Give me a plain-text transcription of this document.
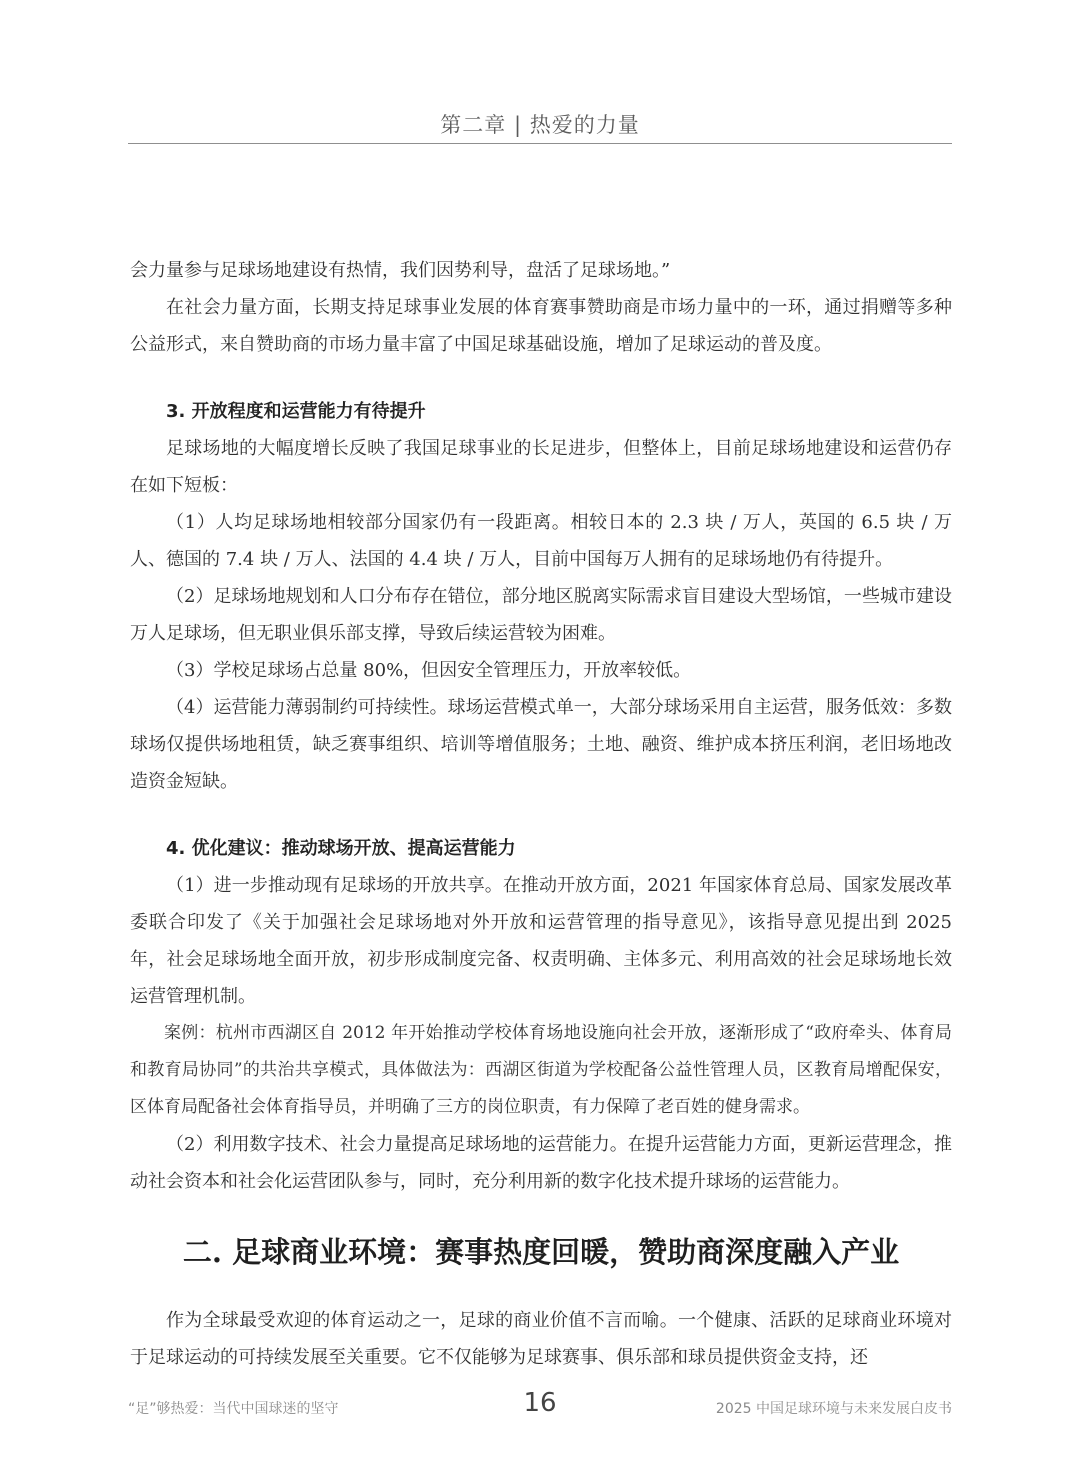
第二章 | 热爱的力量

会力量参与足球场地建设有热情，我们因势利导，盘活了足球场地。”

在社会力量方面，长期支持足球事业发展的体育赛事赞助商是市场力量中的一环，通过捐赠等多种公益形式，来自赞助商的市场力量丰富了中国足球基础设施，增加了足球运动的普及度。

3. 开放程度和运营能力有待提升

足球场地的大幅度增长反映了我国足球事业的长足进步，但整体上，目前足球场地建设和运营仍存在如下短板：

（1）人均足球场地相较部分国家仍有一段距离。相较日本的 2.3 块 / 万人，英国的 6.5 块 / 万人、德国的 7.4 块 / 万人、法国的 4.4 块 / 万人，目前中国每万人拥有的足球场地仍有待提升。

（2）足球场地规划和人口分布存在错位，部分地区脱离实际需求盲目建设大型场馆，一些城市建设万人足球场，但无职业俱乐部支撑，导致后续运营较为困难。

（3）学校足球场占总量 80%，但因安全管理压力，开放率较低。

（4）运营能力薄弱制约可持续性。球场运营模式单一，大部分球场采用自主运营，服务低效：多数球场仅提供场地租赁，缺乏赛事组织、培训等增值服务；土地、融资、维护成本挤压利润，老旧场地改造资金短缺。

4. 优化建议：推动球场开放、提高运营能力

（1）进一步推动现有足球场的开放共享。在推动开放方面，2021 年国家体育总局、国家发展改革委联合印发了《关于加强社会足球场地对外开放和运营管理的指导意见》，该指导意见提出到 2025 年，社会足球场地全面开放，初步形成制度完备、权责明确、主体多元、利用高效的社会足球场地长效运营管理机制。

案例：杭州市西湖区自 2012 年开始推动学校体育场地设施向社会开放，逐渐形成了“政府牵头、体育局和教育局协同”的共治共享模式，具体做法为：西湖区街道为学校配备公益性管理人员，区教育局增配保安，区体育局配备社会体育指导员，并明确了三方的岗位职责，有力保障了老百姓的健身需求。

（2）利用数字技术、社会力量提高足球场地的运营能力。在提升运营能力方面，更新运营理念，推动社会资本和社会化运营团队参与，同时，充分利用新的数字化技术提升球场的运营能力。

二. 足球商业环境：赛事热度回暖，赞助商深度融入产业

作为全球最受欢迎的体育运动之一，足球的商业价值不言而喻。一个健康、活跃的足球商业环境对于足球运动的可持续发展至关重要。它不仅能够为足球赛事、俱乐部和球员提供资金支持，还

“足”够热爱：当代中国球迷的坚守	16	2025 中国足球环境与未来发展白皮书
